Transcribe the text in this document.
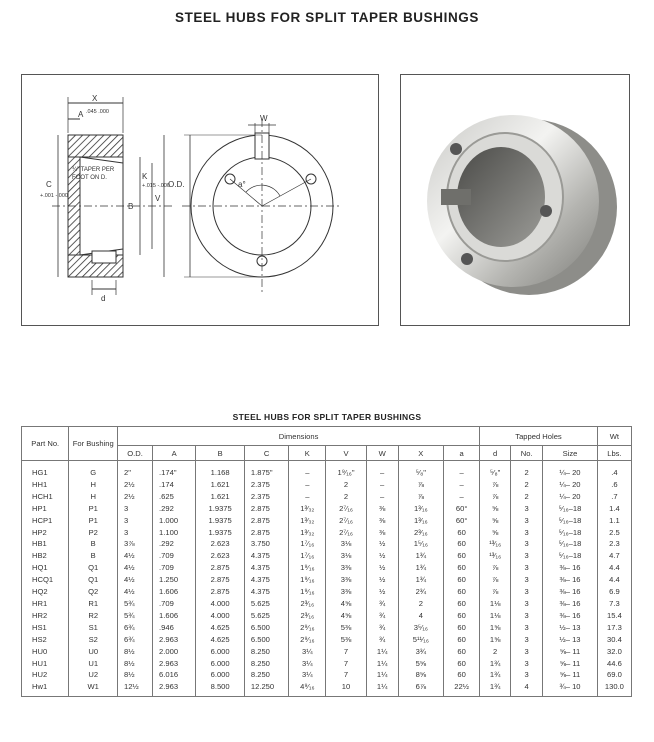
STEEL HUBS FOR SPLIT TAPER BUSHINGS
X
A .045 .000
¾" TAPER PER
FOOT ON D.	K
+.015 -.000
C
+.001 -.000
B
V
d
W
O.D.	a°
STEEL HUBS FOR SPLIT TAPER BUSHINGS
Part No.	For Bushing	Dimensions									Tapped Holes			Wt
		O.D.	A	B	C	K	V	W	X	a	d	No.	Size	Lbs.
HG1	G	2"	.174"	1.168	1.875"	–	1⁹⁄₁₆"	–	⁵⁄₈"	–	⁵⁄₈"	2	¼– 20	.4
HH1	H	2½	.174	1.621	2.375	–	2	–	⅞	–	⅞	2	¼– 20	.6
HCH1	H	2½	.625	1.621	2.375	–	2	–	⅞	–	⅞	2	¼– 20	.7
HP1	P1	3	.292	1.9375	2.875	1³⁄₃₂	2⁷⁄₁₆	⅜	1³⁄₁₆	60°	⅝	3	⁵⁄₁₆–18	1.4
HCP1	P1	3	1.000	1.9375	2.875	1³⁄₃₂	2⁷⁄₁₆	⅜	1³⁄₁₆	60°	⅝	3	⁵⁄₁₆–18	1.1
HP2	P2	3	1.100	1.9375	2.875	1³⁄₃₂	2⁷⁄₁₆	⅜	2³⁄₁₆	60	⅝	3	⁵⁄₁₆–18	2.5
HB1	B	3⅞	.292	2.623	3.750	1⁷⁄₁₆	3⅛	½	1⁵⁄₁₆	60	¹³⁄₁₆	3	⁵⁄₁₆–18	2.3
HB2	B	4½	.709	2.623	4.375	1⁷⁄₁₆	3⅛	½	1¾	60	¹³⁄₁₆	3	⁵⁄₁₆–18	4.7
HQ1	Q1	4½	.709	2.875	4.375	1⁹⁄₁₆	3⅜	½	1¾	60	⅞	3	⅜– 16	4.4
HCQ1	Q1	4½	1.250	2.875	4.375	1⁹⁄₁₆	3⅜	½	1¾	60	⅞	3	⅜– 16	4.4
HQ2	Q2	4½	1.606	2.875	4.375	1⁹⁄₁₆	3⅜	½	2¾	60	⅞	3	⅜– 16	6.9
HR1	R1	5¾	.709	4.000	5.625	2³⁄₁₆	4⅝	¾	2	60	1⅛	3	⅜– 16	7.3
HR2	R2	5¾	1.606	4.000	5.625	2³⁄₁₆	4⅝	¾	4	60	1⅛	3	⅜– 16	15.4
HS1	S1	6¾	.946	4.625	6.500	2⁹⁄₁₆	5⅜	¾	3⁵⁄₁₆	60	1⅝	3	½– 13	17.3
HS2	S2	6¾	2.963	4.625	6.500	2⁹⁄₁₆	5⅜	¾	5¹¹⁄₁₆	60	1⅝	3	½– 13	30.4
HU0	U0	8½	2.000	6.000	8.250	3¼	7	1¼	3¾	60	2	3	⅝– 11	32.0
HU1	U1	8½	2.963	6.000	8.250	3¼	7	1¼	5⅝	60	1¾	3	⅝– 11	44.6
HU2	U2	8½	6.016	6.000	8.250	3¼	7	1¼	8⅝	60	1¾	3	⅝– 11	69.0
Hw1	W1	12½	2.963	8.500	12.250	4⁹⁄₁₆	10	1¼	6⅞	22½	1¾	4	¾– 10	130.0
